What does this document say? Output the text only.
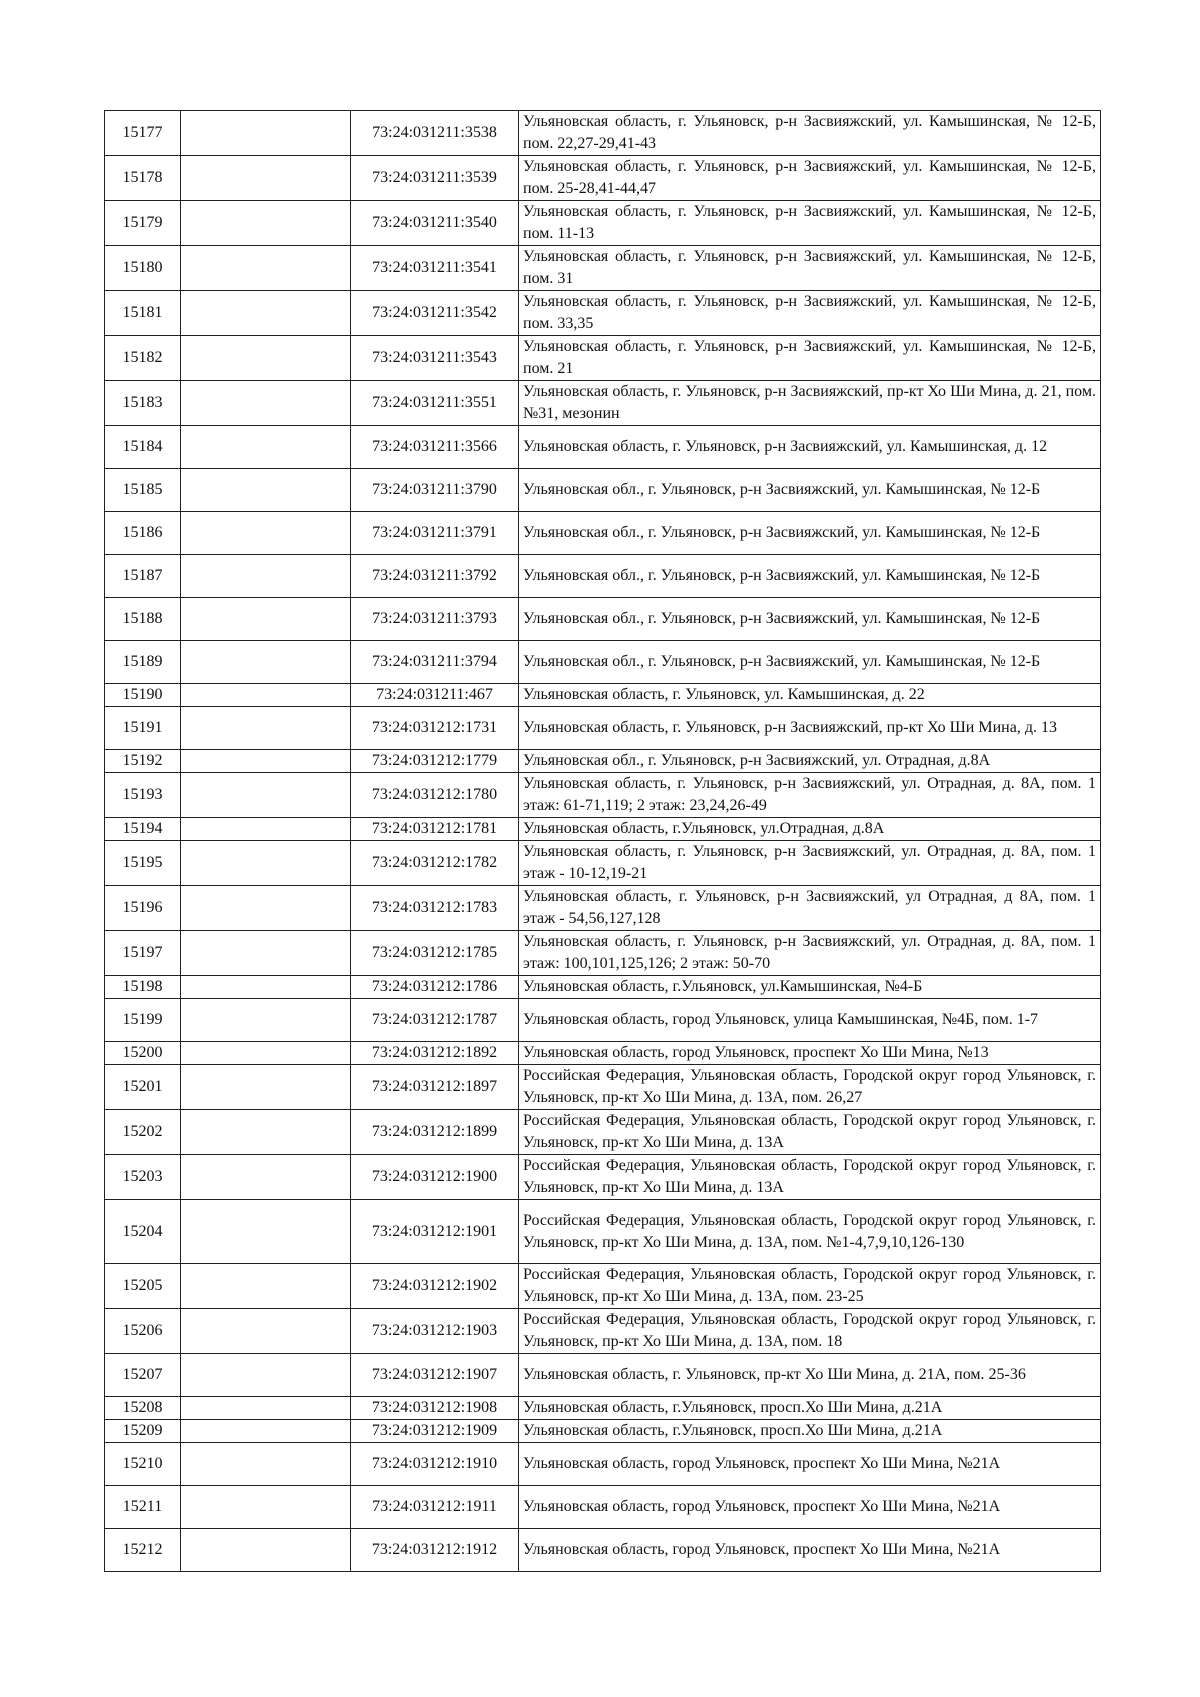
15177		73:24:031211:3538	Ульяновская область, г. Ульяновск, р-н Засвияжский, ул. Камышинская, № 12-Б, пом. 22,27-29,41-43
15178		73:24:031211:3539	Ульяновская область, г. Ульяновск, р-н Засвияжский, ул. Камышинская, № 12-Б, пом. 25-28,41-44,47
15179		73:24:031211:3540	Ульяновская область, г. Ульяновск, р-н Засвияжский, ул. Камышинская, № 12-Б, пом. 11-13
15180		73:24:031211:3541	Ульяновская область, г. Ульяновск, р-н Засвияжский, ул. Камышинская, № 12-Б, пом. 31
15181		73:24:031211:3542	Ульяновская область, г. Ульяновск, р-н Засвияжский, ул. Камышинская, № 12-Б, пом. 33,35
15182		73:24:031211:3543	Ульяновская область, г. Ульяновск, р-н Засвияжский, ул. Камышинская, № 12-Б, пом. 21
15183		73:24:031211:3551	Ульяновская область, г. Ульяновск, р-н Засвияжский, пр-кт Хо Ши Мина, д. 21, пом. №31, мезонин
15184		73:24:031211:3566	Ульяновская область, г. Ульяновск, р-н Засвияжский, ул. Камышинская, д. 12
15185		73:24:031211:3790	Ульяновская обл., г. Ульяновск, р-н Засвияжский, ул. Камышинская, № 12-Б
15186		73:24:031211:3791	Ульяновская обл., г. Ульяновск, р-н Засвияжский, ул. Камышинская, № 12-Б
15187		73:24:031211:3792	Ульяновская обл., г. Ульяновск, р-н Засвияжский, ул. Камышинская, № 12-Б
15188		73:24:031211:3793	Ульяновская обл., г. Ульяновск, р-н Засвияжский, ул. Камышинская, № 12-Б
15189		73:24:031211:3794	Ульяновская обл., г. Ульяновск, р-н Засвияжский, ул. Камышинская, № 12-Б
15190		73:24:031211:467	Ульяновская область, г. Ульяновск, ул. Камышинская, д. 22
15191		73:24:031212:1731	Ульяновская область, г. Ульяновск, р-н Засвияжский, пр-кт Хо Ши Мина, д. 13
15192		73:24:031212:1779	Ульяновская обл., г. Ульяновск, р-н Засвияжский, ул. Отрадная, д.8А
15193		73:24:031212:1780	Ульяновская область, г. Ульяновск, р-н Засвияжский, ул. Отрадная, д. 8А, пом. 1 этаж: 61-71,119; 2 этаж: 23,24,26-49
15194		73:24:031212:1781	Ульяновская область, г.Ульяновск, ул.Отрадная, д.8А
15195		73:24:031212:1782	Ульяновская область, г. Ульяновск, р-н Засвияжский, ул. Отрадная, д. 8А, пом. 1 этаж - 10-12,19-21
15196		73:24:031212:1783	Ульяновская область, г. Ульяновск, р-н Засвияжский, ул Отрадная, д 8А, пом. 1 этаж - 54,56,127,128
15197		73:24:031212:1785	Ульяновская область, г. Ульяновск, р-н Засвияжский, ул. Отрадная, д. 8А, пом. 1 этаж: 100,101,125,126; 2 этаж: 50-70
15198		73:24:031212:1786	Ульяновская область, г.Ульяновск, ул.Камышинская, №4-Б
15199		73:24:031212:1787	Ульяновская область, город Ульяновск, улица Камышинская, №4Б, пом. 1-7
15200		73:24:031212:1892	Ульяновская область, город Ульяновск, проспект Хо Ши Мина, №13
15201		73:24:031212:1897	Российская Федерация, Ульяновская область, Городской округ город Ульяновск, г. Ульяновск, пр-кт Хо Ши Мина, д. 13А, пом. 26,27
15202		73:24:031212:1899	Российская Федерация, Ульяновская область, Городской округ город Ульяновск, г. Ульяновск, пр-кт Хо Ши Мина, д. 13А
15203		73:24:031212:1900	Российская Федерация, Ульяновская область, Городской округ город Ульяновск, г. Ульяновск, пр-кт Хо Ши Мина, д. 13А
15204		73:24:031212:1901	Российская Федерация, Ульяновская область, Городской округ город Ульяновск, г. Ульяновск, пр-кт Хо Ши Мина, д. 13А, пом. №1-4,7,9,10,126-130
15205		73:24:031212:1902	Российская Федерация, Ульяновская область, Городской округ город Ульяновск, г. Ульяновск, пр-кт Хо Ши Мина, д. 13А, пом. 23-25
15206		73:24:031212:1903	Российская Федерация, Ульяновская область, Городской округ город Ульяновск, г. Ульяновск, пр-кт Хо Ши Мина, д. 13А, пом. 18
15207		73:24:031212:1907	Ульяновская область, г. Ульяновск, пр-кт Хо Ши Мина, д. 21А, пом. 25-36
15208		73:24:031212:1908	Ульяновская область, г.Ульяновск, просп.Хо Ши Мина, д.21А
15209		73:24:031212:1909	Ульяновская область, г.Ульяновск, просп.Хо Ши Мина, д.21А
15210		73:24:031212:1910	Ульяновская область, город Ульяновск, проспект Хо Ши Мина, №21А
15211		73:24:031212:1911	Ульяновская область, город Ульяновск, проспект Хо Ши Мина, №21А
15212		73:24:031212:1912	Ульяновская область, город Ульяновск, проспект Хо Ши Мина, №21А
